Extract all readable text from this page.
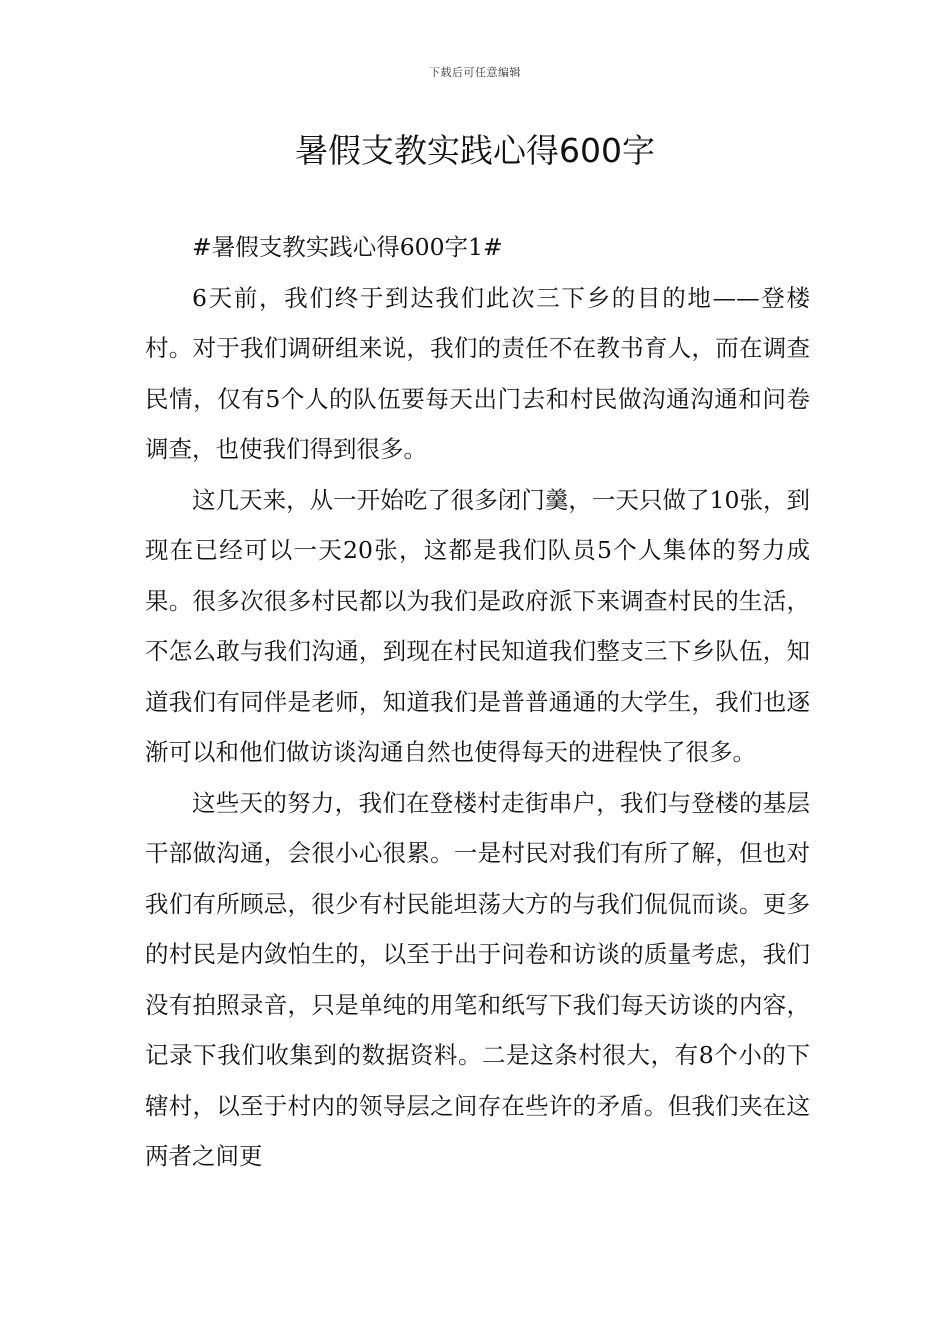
下载后可任意编辑
暑假支教实践心得600字

#暑假支教实践心得600字1#

6天前，我们终于到达我们此次三下乡的目的地——登楼村。对于我们调研组来说，我们的责任不在教书育人，而在调查民情，仅有5个人的队伍要每天出门去和村民做沟通沟通和问卷调查，也使我们得到很多。

这几天来，从一开始吃了很多闭门羹，一天只做了10张，到现在已经可以一天20张，这都是我们队员5个人集体的努力成果。很多次很多村民都以为我们是政府派下来调查村民的生活，不怎么敢与我们沟通，到现在村民知道我们整支三下乡队伍，知道我们有同伴是老师，知道我们是普普通通的大学生，我们也逐渐可以和他们做访谈沟通自然也使得每天的进程快了很多。

这些天的努力，我们在登楼村走街串户，我们与登楼的基层干部做沟通，会很小心很累。一是村民对我们有所了解，但也对我们有所顾忌，很少有村民能坦荡大方的与我们侃侃而谈。更多的村民是内敛怕生的，以至于出于问卷和访谈的质量考虑，我们没有拍照录音，只是单纯的用笔和纸写下我们每天访谈的内容，记录下我们收集到的数据资料。二是这条村很大，有8个小的下辖村，以至于村内的领导层之间存在些许的矛盾。但我们夹在这两者之间更
